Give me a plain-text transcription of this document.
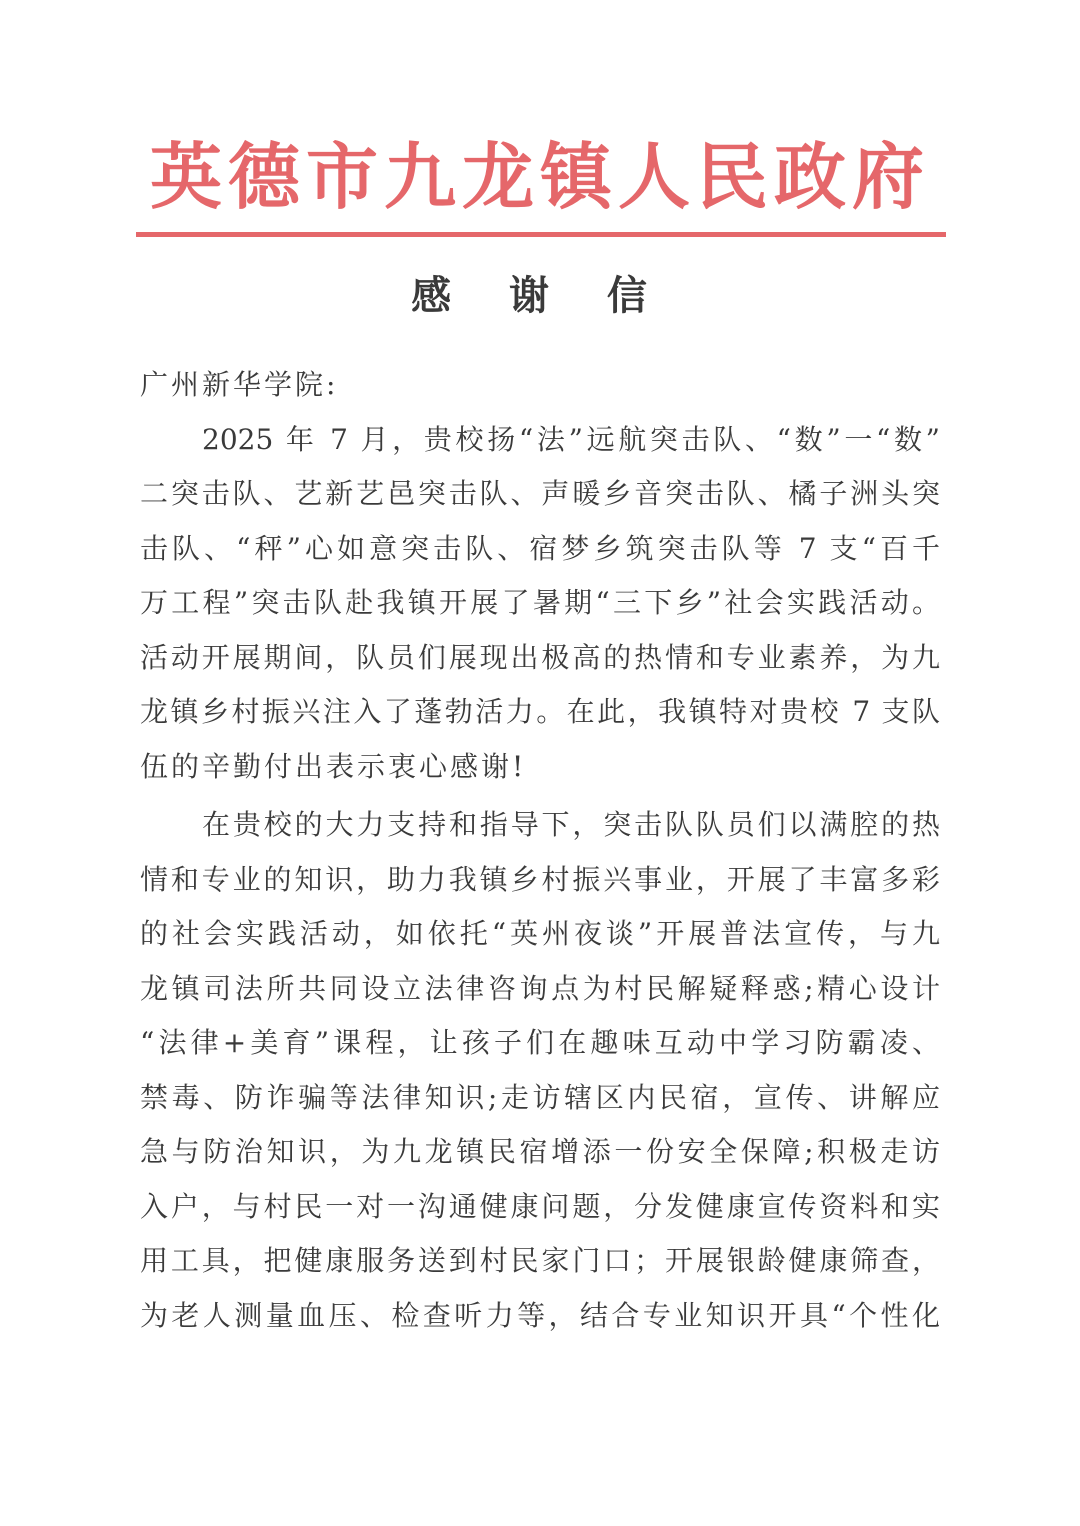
英德市九龙镇人民政府
感 谢 信
广州新华学院:
2025 年 7 月，贵校扬“法”远航突击队、“数”一“数”
二突击队、艺新艺邑突击队、声暖乡音突击队、橘子洲头突
击队、“秤”心如意突击队、宿梦乡筑突击队等 7 支“百千
万工程”突击队赴我镇开展了暑期“三下乡”社会实践活动。
活动开展期间，队员们展现出极高的热情和专业素养，为九
龙镇乡村振兴注入了蓬勃活力。在此，我镇特对贵校 7 支队
伍的辛勤付出表示衷心感谢!
在贵校的大力支持和指导下，突击队队员们以满腔的热
情和专业的知识，助力我镇乡村振兴事业，开展了丰富多彩
的社会实践活动，如依托“英州夜谈”开展普法宣传，与九
龙镇司法所共同设立法律咨询点为村民解疑释惑;精心设计
“法律+美育”课程，让孩子们在趣味互动中学习防霸凌、
禁毒、防诈骗等法律知识;走访辖区内民宿，宣传、讲解应
急与防治知识，为九龙镇民宿增添一份安全保障;积极走访
入户，与村民一对一沟通健康问题，分发健康宣传资料和实
用工具，把健康服务送到村民家门口；开展银龄健康筛查，
为老人测量血压、检查听力等，结合专业知识开具“个性化
